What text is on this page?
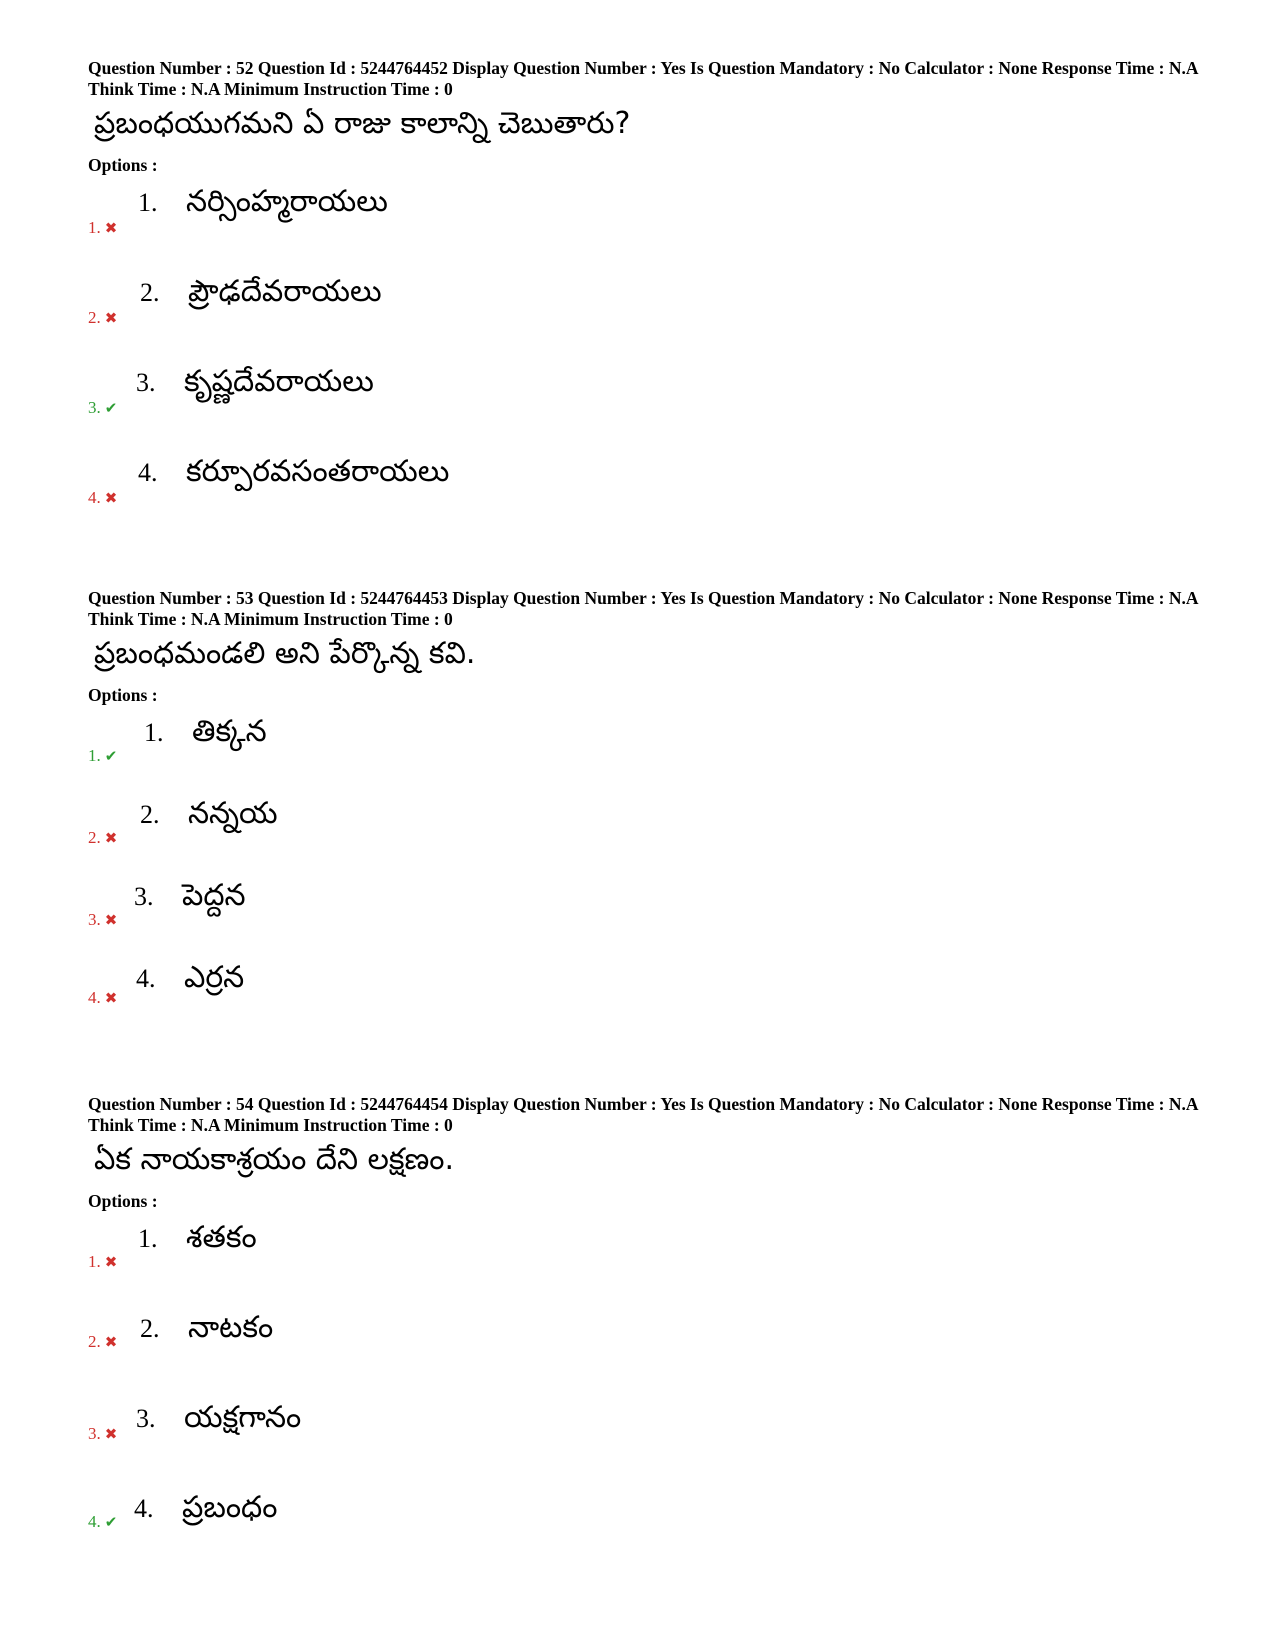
Question Number : 52 Question Id : 5244764452 Display Question Number : Yes Is Question Mandatory : No Calculator : None Response Time : N.A Think Time : N.A Minimum Instruction Time : 0

ప్రబంధయుగమని ఏ రాజు కాలాన్ని చెబుతారు?
Options :
1. నర్సింహ్మరాయలు
1. ✖
2. ప్రౌఢదేవరాయలు
2. ✖
3. కృష్ణదేవరాయలు
3. ✔
4. కర్పూరవసంతరాయలు
4. ✖

Question Number : 53 Question Id : 5244764453 Display Question Number : Yes Is Question Mandatory : No Calculator : None Response Time : N.A Think Time : N.A Minimum Instruction Time : 0

ప్రబంధమండలి అని పేర్కొన్న కవి.
Options :
1. తిక్కన
1. ✔
2. నన్నయ
2. ✖
3. పెద్దన
3. ✖
4. ఎర్రన
4. ✖

Question Number : 54 Question Id : 5244764454 Display Question Number : Yes Is Question Mandatory : No Calculator : None Response Time : N.A Think Time : N.A Minimum Instruction Time : 0

ఏక నాయకాశ్రయం దేని లక్షణం.
Options :
1. శతకం
1. ✖
2. నాటకం
2. ✖
3. యక్షగానం
3. ✖
4. ప్రబంధం
4. ✔
